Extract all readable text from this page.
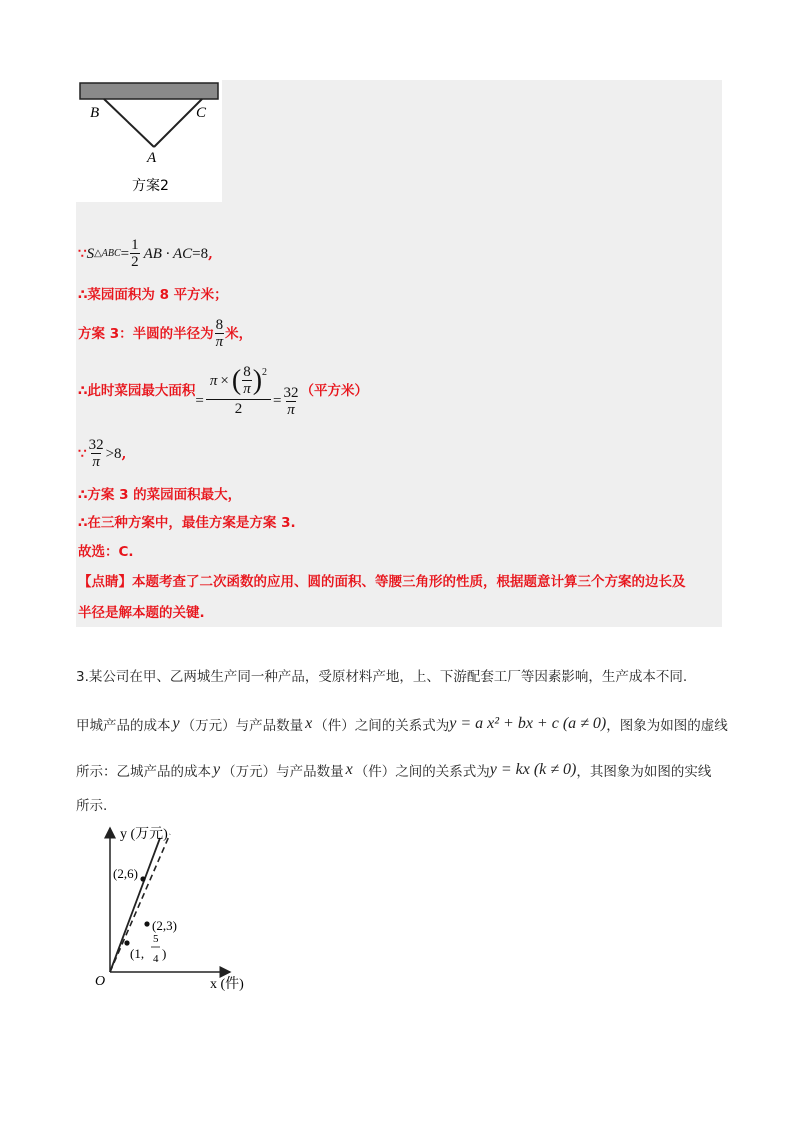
B	C
A
方案2
∵ S △ABC = $\frac{1}{2}$ AB · AC =8 ,
∴菜园面积为 8 平方米；
方案 3：半圆的半径为 $\frac{8}{\pi}$ 米，
∴此时菜园最大面积
= $\frac{\pi \times ( \frac{8}{\pi} ) 2}{2} = \frac{32}{\pi}$ （平方米）
∵ $\frac{32}{\pi} >8$ ,
∴方案 3 的菜园面积最大，
∴在三种方案中，最佳方案是方案 3.
故选：C.
【点睛】本题考查了二次函数的应用、圆的面积、等腰三角形的性质，根据题意计算三个方案的边长及
半径是解本题的关键.
3.某公司在甲、乙两城生产同一种产品，受原材料产地，上、下游配套工厂等因素影响，生产成本不同.
甲城产品的成本 y （万元）与产品数量 x （件）之间的关系式为 y = a x² + bx + c (a ≠ 0) ，图象为如图的虚线
所示：乙城产品的成本 y （万元）与产品数量 x （件）之间的关系式为 y = kx (k ≠ 0) ，其图象为如图的实线
所示.
y (万元)
x (件)
O
(2,6)
(2,3)
(1,
5
4 )
